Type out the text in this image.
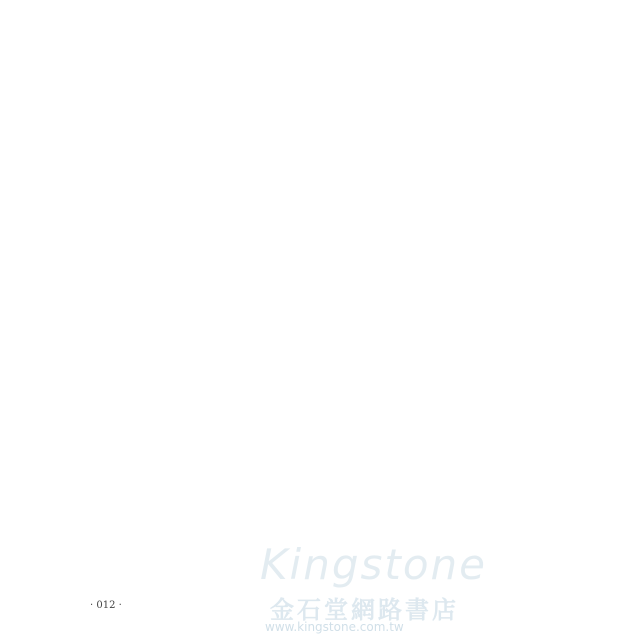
‧ 012 ‧
Kingstone
金石堂網路書店
www.kingstone.com.tw
